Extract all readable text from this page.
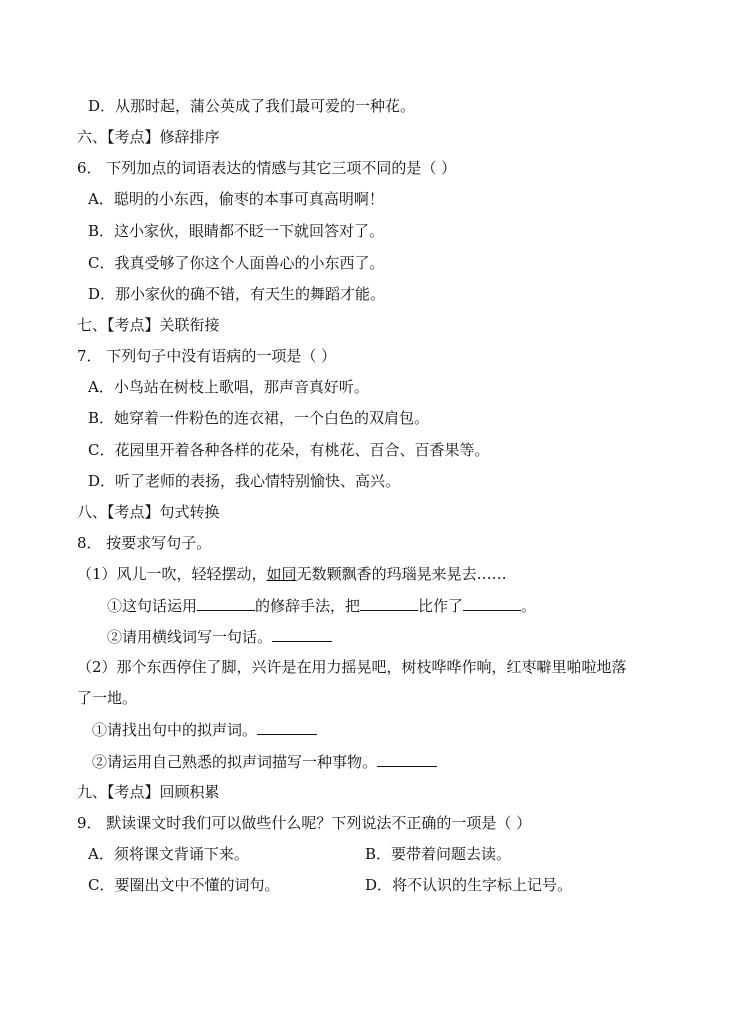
D．从那时起，蒲公英成了我们最可爱的一种花。
六、【考点】修辞排序
6． 下列加点的词语表达的情感与其它三项不同的是（ ）
A．聪明的小东西，偷枣的本事可真高明啊！
B．这小家伙，眼睛都不眨一下就回答对了。
C．我真受够了你这个人面兽心的小东西了。
D．那小家伙的确不错，有天生的舞蹈才能。
七、【考点】关联衔接
7． 下列句子中没有语病的一项是（ ）
A．小鸟站在树枝上歌唱，那声音真好听。
B．她穿着一件粉色的连衣裙，一个白色的双肩包。
C．花园里开着各种各样的花朵，有桃花、百合、百香果等。
D．听了老师的表扬，我心情特别愉快、高兴。
八、【考点】句式转换
8． 按要求写句子。
（1）风儿一吹，轻轻摆动，如同无数颗飘香的玛瑙晃来晃去……
①这句话运用	的修辞手法，把	比作了	。
②请用横线词写一句话。
（2）那个东西停住了脚，兴许是在用力摇晃吧，树枝哗哗作响，红枣噼里啪啦地落
了一地。
①请找出句中的拟声词。
②请运用自己熟悉的拟声词描写一种事物。
九、【考点】回顾积累
9． 默读课文时我们可以做些什么呢？下列说法不正确的一项是（ ）
A．须将课文背诵下来。	B．要带着问题去读。
C．要圈出文中不懂的词句。	D．将不认识的生字标上记号。
